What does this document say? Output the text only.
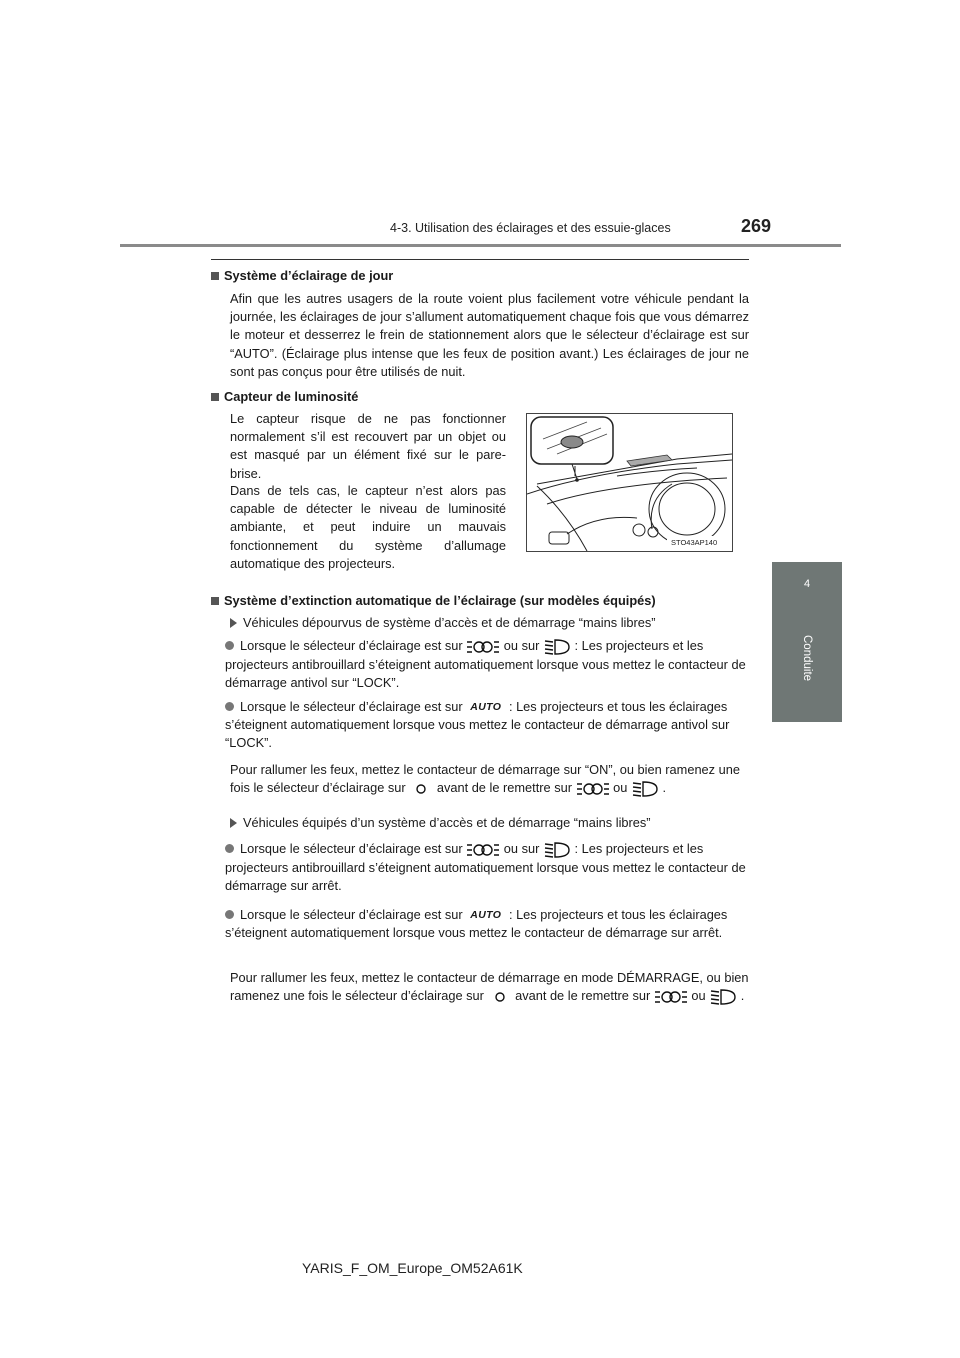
4-3. Utilisation des éclairages et des essuie-glaces	269
4
Conduite
Système d’éclairage de jour
Afin que les autres usagers de la route voient plus facilement votre véhicule pendant la journée, les éclairages de jour s’allument automatiquement chaque fois que vous démarrez le moteur et desserrez le frein de stationnement alors que le sélecteur d’éclairage est sur “AUTO”. (Éclairage plus intense que les feux de position avant.) Les éclairages de jour ne sont pas conçus pour être utilisés de nuit.
Capteur de luminosité
Le capteur risque de ne pas fonctionner normalement s’il est recouvert par un objet ou est masqué par un élément fixé sur le pare-brise.
Dans de tels cas, le capteur n’est alors pas capable de détecter le niveau de luminosité ambiante, et peut induire un mauvais fonctionnement du système d’allumage automatique des projecteurs.
STO43AP140
Système d’extinction automatique de l’éclairage (sur modèles équipés)
Véhicules dépourvus de système d’accès et de démarrage “mains libres”
Lorsque le sélecteur d’éclairage est sur	ou sur	: Les projecteurs et les projecteurs antibrouillard s’éteignent automatiquement lorsque vous mettez le contacteur de démarrage antivol sur “LOCK”.
Lorsque le sélecteur d’éclairage est sur AUTO : Les projecteurs et tous les éclairages s’éteignent automatiquement lorsque vous mettez le contacteur de démarrage antivol sur “LOCK”.
Pour rallumer les feux, mettez le contacteur de démarrage sur “ON”, ou bien ramenez une fois le sélecteur d’éclairage sur avant de le remettre sur	ou	.
Véhicules équipés d’un système d’accès et de démarrage “mains libres”
Lorsque le sélecteur d’éclairage est sur	ou sur	: Les projecteurs et les projecteurs antibrouillard s’éteignent automatiquement lorsque vous mettez le contacteur de démarrage sur arrêt.
Lorsque le sélecteur d’éclairage est sur AUTO : Les projecteurs et tous les éclairages s’éteignent automatiquement lorsque vous mettez le contacteur de démarrage sur arrêt.
Pour rallumer les feux, mettez le contacteur de démarrage en mode DÉMARRAGE, ou bien ramenez une fois le sélecteur d’éclairage sur avant de le remettre sur	ou	.
YARIS_F_OM_Europe_OM52A61K
